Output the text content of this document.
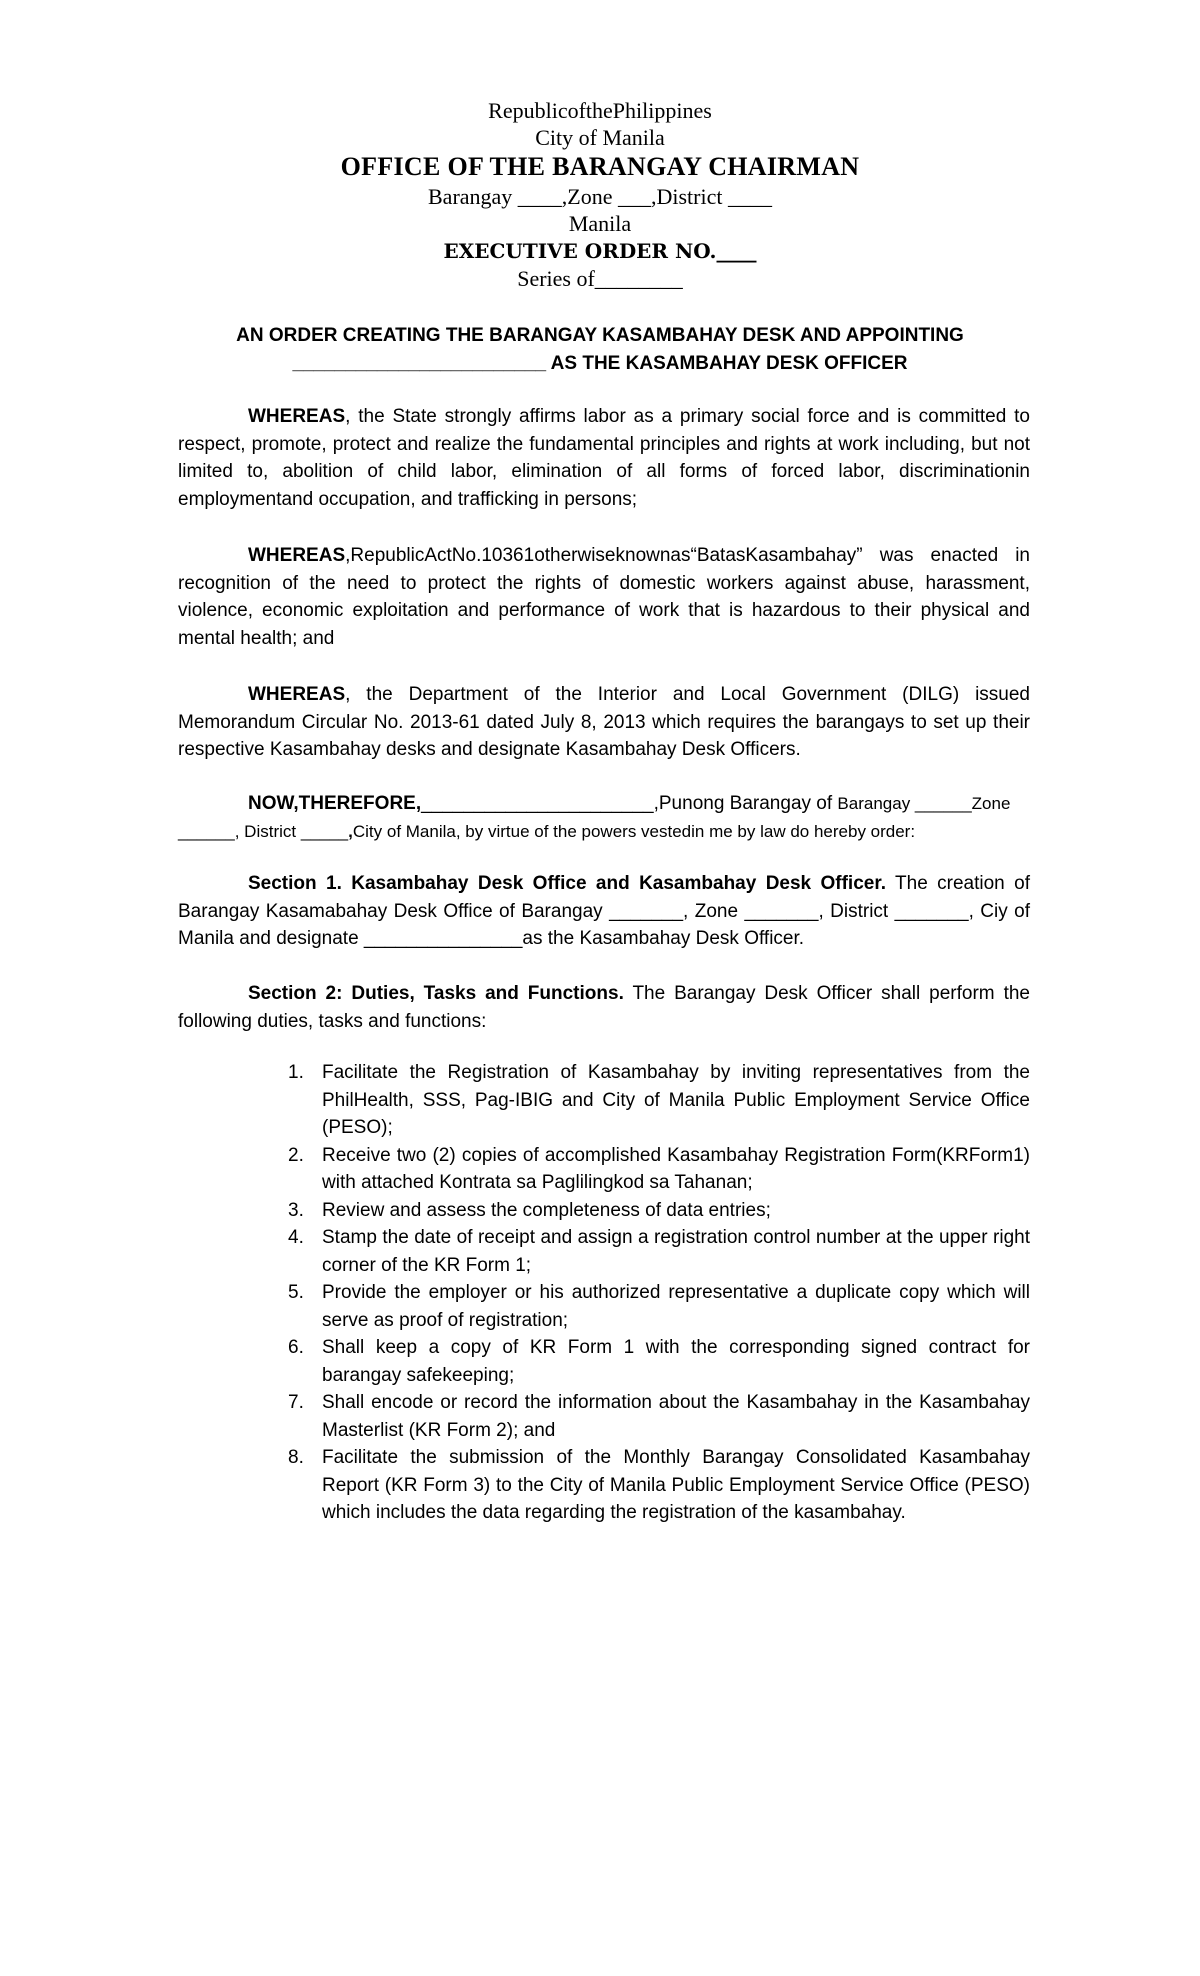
RepublicofthePhilippines
City of Manila
OFFICE OF THE BARANGAY CHAIRMAN
Barangay ____,Zone ___,District ____
Manila
EXECUTIVE ORDER NO.____
Series of________
AN ORDER CREATING THE BARANGAY KASAMBAHAY DESK AND APPOINTING
________________________ AS THE KASAMBAHAY DESK OFFICER

WHEREAS, the State strongly affirms labor as a primary social force and is committed to respect, promote, protect and realize the fundamental principles and rights at work including, but not limited to, abolition of child labor, elimination of all forms of forced labor, discriminationin employmentand occupation, and trafficking in persons;

WHEREAS,RepublicActNo.10361otherwiseknownas“BatasKasambahay” was enacted in recognition of the need to protect the rights of domestic workers against abuse, harassment, violence, economic exploitation and performance of work that is hazardous to their physical and mental health; and

WHEREAS, the Department of the Interior and Local Government (DILG) issued Memorandum Circular No. 2013-61 dated July 8, 2013 which requires the barangays to set up their respective Kasambahay desks and designate Kasambahay Desk Officers.

NOW,THEREFORE,______________________,Punong Barangay of Barangay ______Zone
______, District _____,City of Manila, by virtue of the powers vestedin me by law do hereby order:

Section 1. Kasambahay Desk Office and Kasambahay Desk Officer. The creation of Barangay Kasamabahay Desk Office of Barangay _______, Zone _______, District _______, Ciy of Manila and designate _______________as the Kasambahay Desk Officer.

Section 2: Duties, Tasks and Functions. The Barangay Desk Officer shall perform the following duties, tasks and functions:

1. Facilitate the Registration of Kasambahay by inviting representatives from the PhilHealth, SSS, Pag-IBIG and City of Manila Public Employment Service Office (PESO);
2. Receive two (2) copies of accomplished Kasambahay Registration Form(KRForm1) with attached Kontrata sa Paglilingkod sa Tahanan;
3. Review and assess the completeness of data entries;
4. Stamp the date of receipt and assign a registration control number at the upper right corner of the KR Form 1;
5. Provide the employer or his authorized representative a duplicate copy which will serve as proof of registration;
6. Shall keep a copy of KR Form 1 with the corresponding signed contract for barangay safekeeping;
7. Shall encode or record the information about the Kasambahay in the Kasambahay Masterlist (KR Form 2); and
8. Facilitate the submission of the Monthly Barangay Consolidated Kasambahay Report (KR Form 3) to the City of Manila Public Employment Service Office (PESO) which includes the data regarding the registration of the kasambahay.
